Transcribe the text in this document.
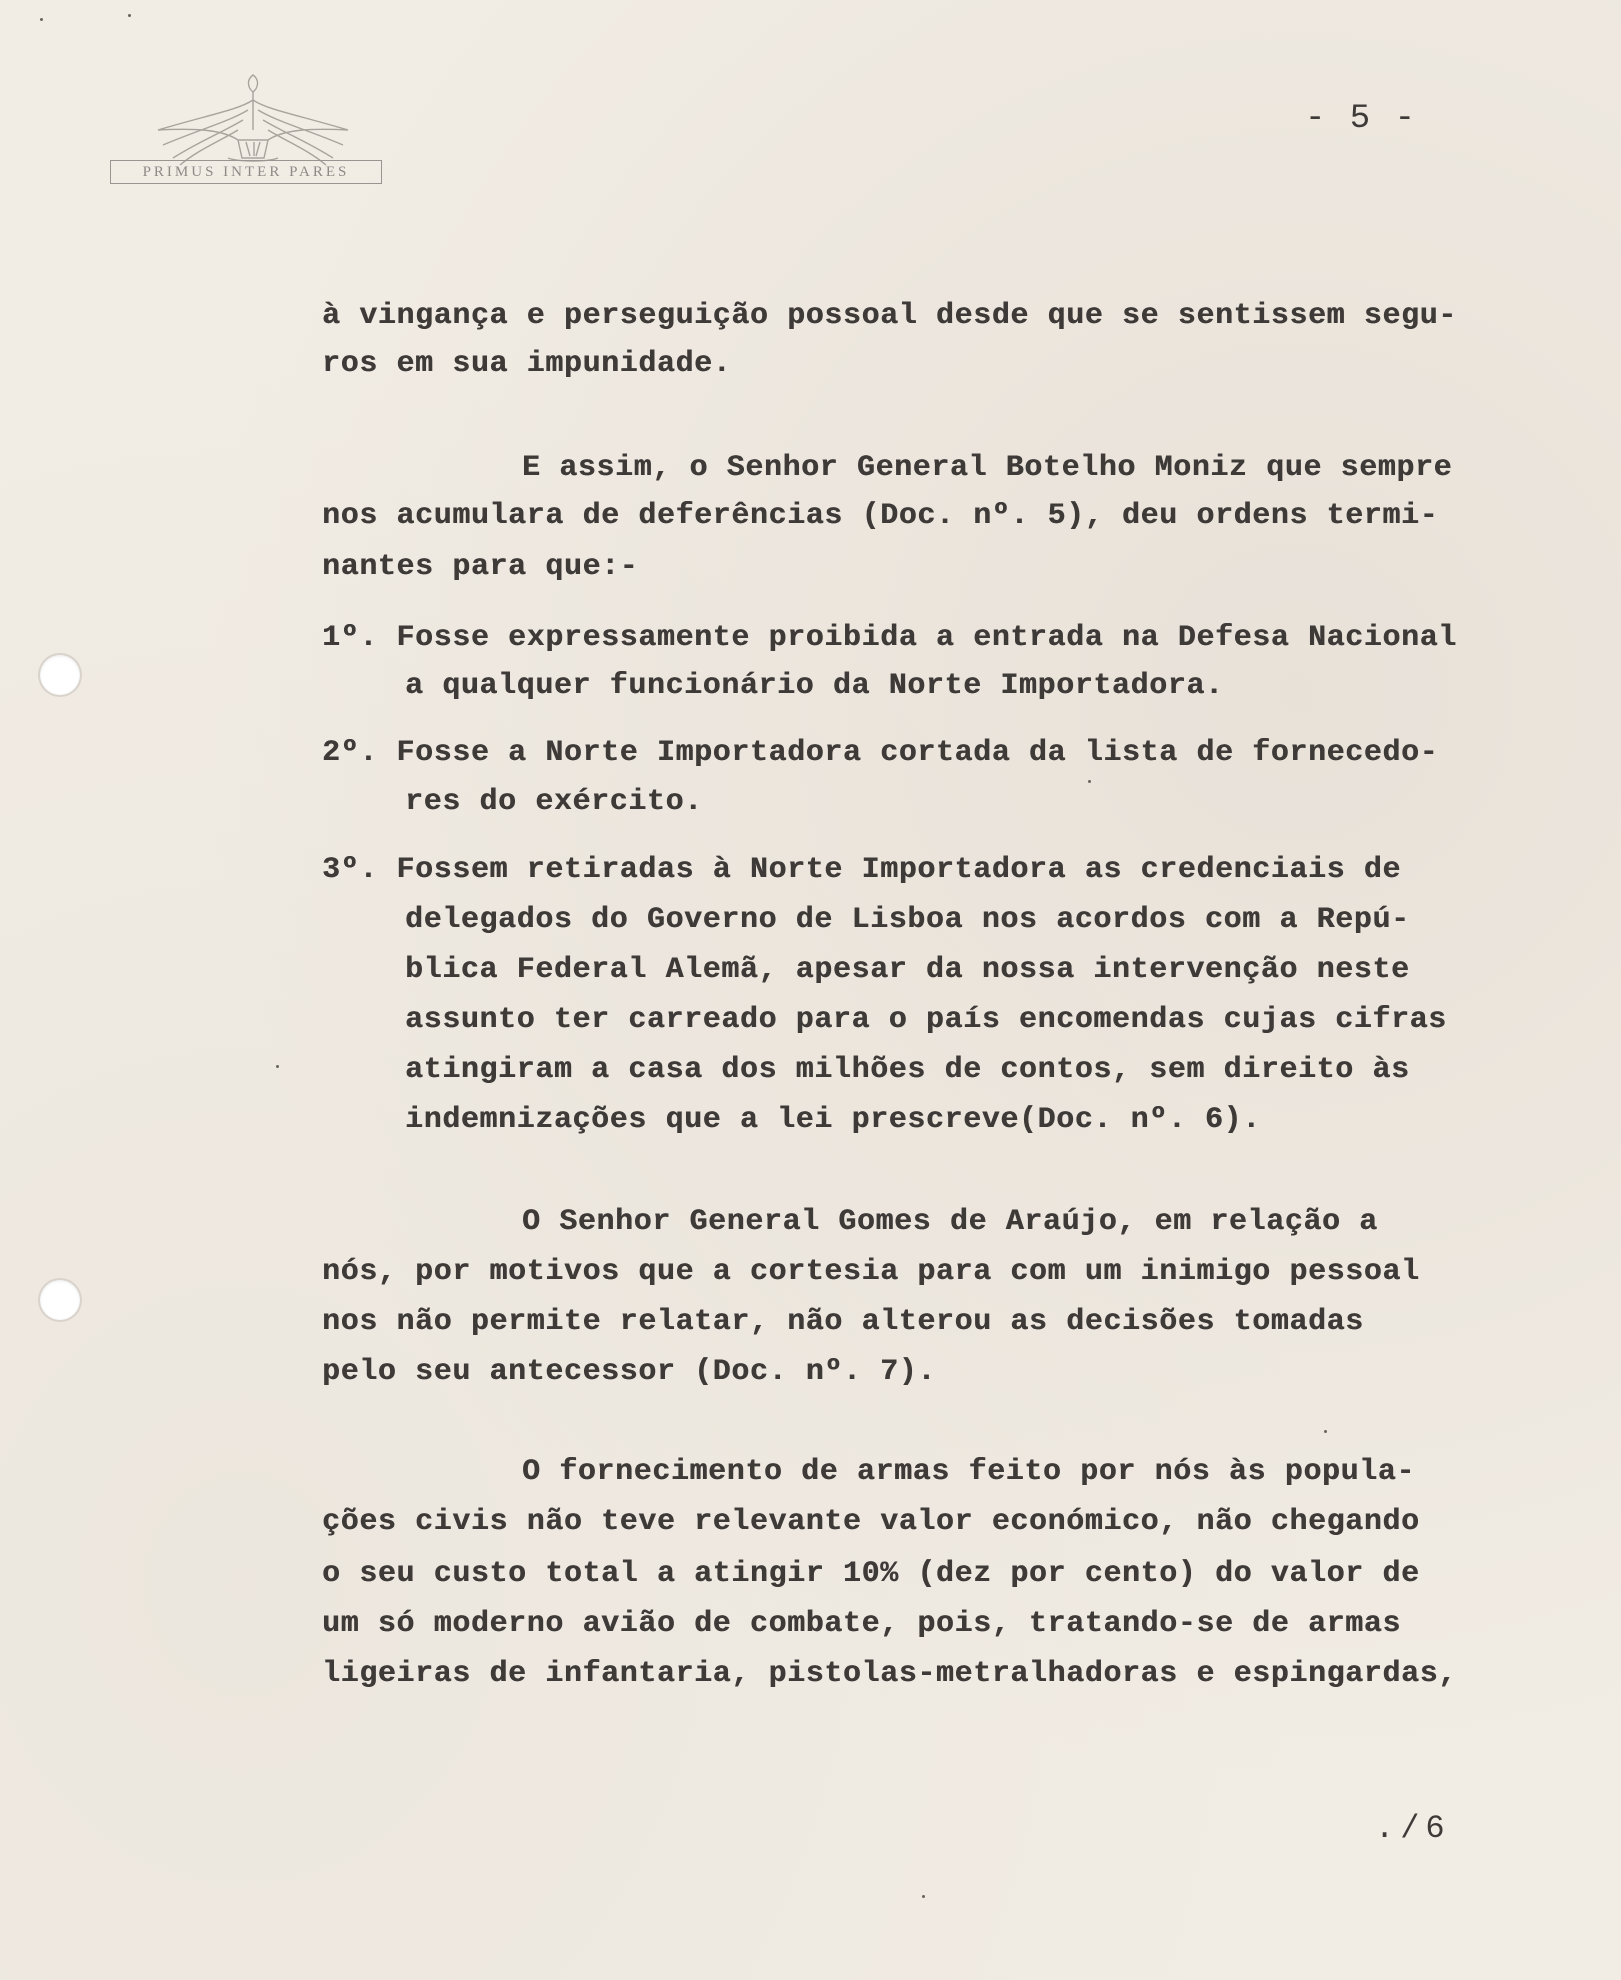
PRIMUS INTER PARES
- 5 -
à vingança e perseguição possoal desde que se sentissem segu-
ros em sua impunidade.
E assim, o Senhor General Botelho Moniz que sempre
nos acumulara de deferências (Doc. nº. 5), deu ordens termi-
nantes para que:-
1º. Fosse expressamente proibida a entrada na Defesa Nacional
a qualquer funcionário da Norte Importadora.
2º. Fosse a Norte Importadora cortada da lista de fornecedo-
res do exército.
3º. Fossem retiradas à Norte Importadora as credenciais de
delegados do Governo de Lisboa nos acordos com a Repú-
blica Federal Alemã, apesar da nossa intervenção neste
assunto ter carreado para o país encomendas cujas cifras
atingiram a casa dos milhões de contos, sem direito às
indemnizações que a lei prescreve(Doc. nº. 6).
O Senhor General Gomes de Araújo, em relação a
nós, por motivos que a cortesia para com um inimigo pessoal
nos não permite relatar, não alterou as decisões tomadas
pelo seu antecessor (Doc. nº. 7).
O fornecimento de armas feito por nós às popula-
ções civis não teve relevante valor económico, não chegando
o seu custo total a atingir 10% (dez por cento) do valor de
um só moderno avião de combate, pois, tratando-se de armas
ligeiras de infantaria, pistolas-metralhadoras e espingardas,
./6
